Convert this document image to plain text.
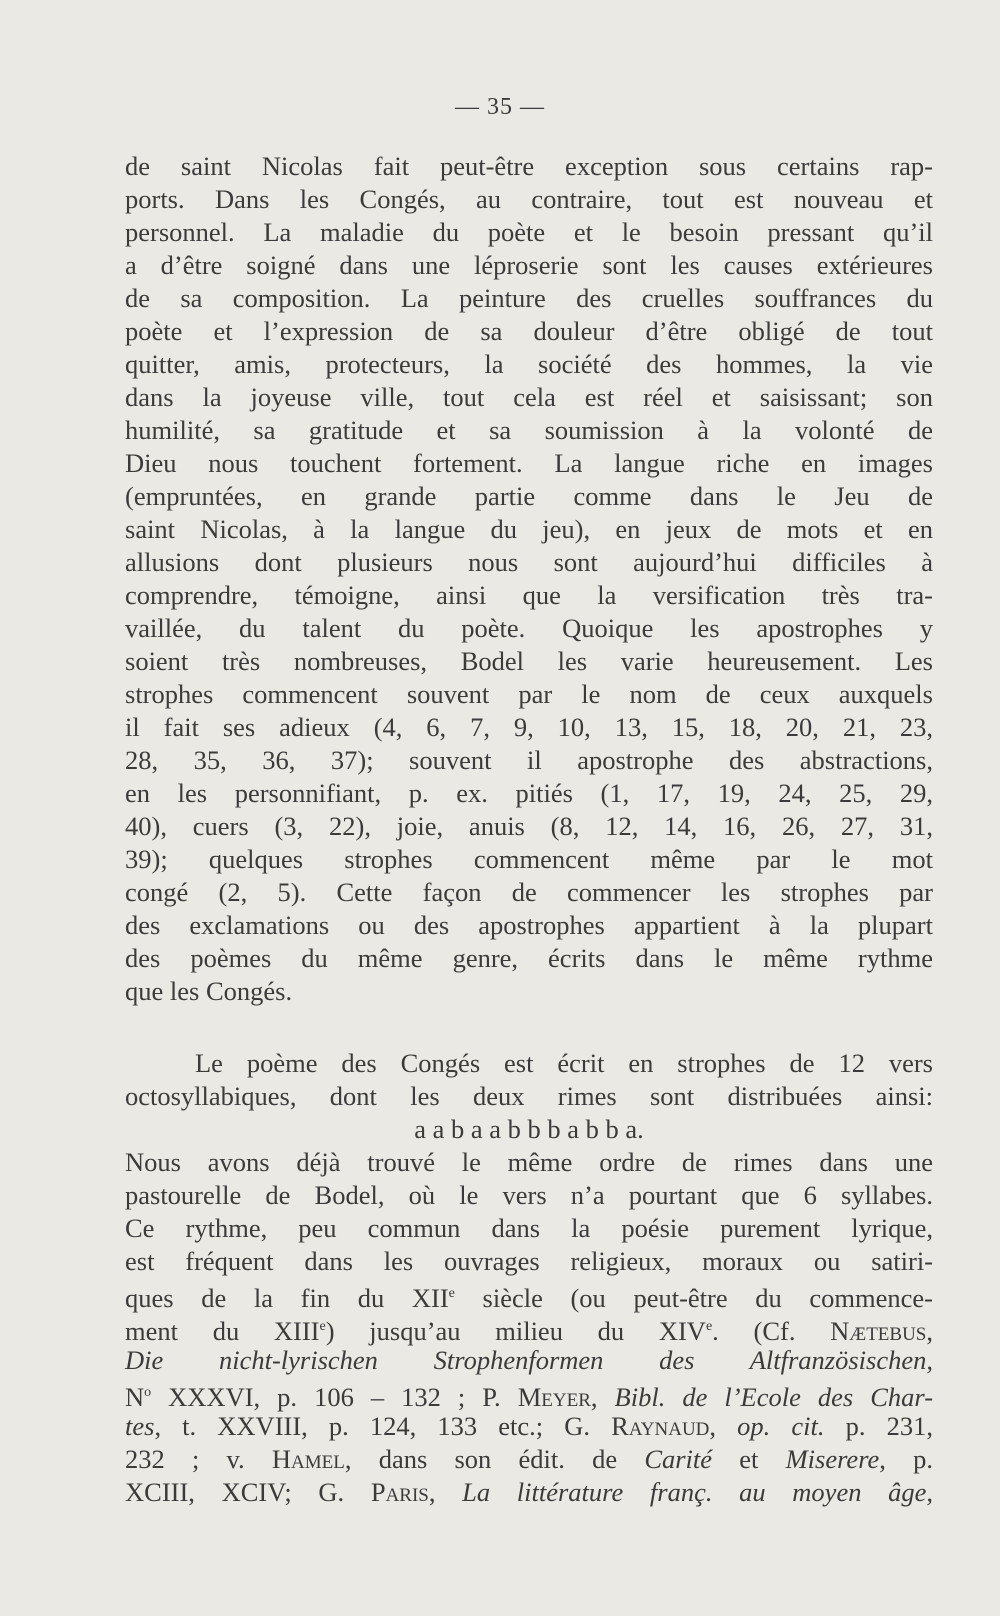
— 35 —
de saint Nicolas fait peut-être exception sous certains rap-
ports. Dans les Congés, au contraire, tout est nouveau et
personnel. La maladie du poète et le besoin pressant qu’il
a d’être soigné dans une léproserie sont les causes extérieures
de sa composition. La peinture des cruelles souffrances du
poète et l’expression de sa douleur d’être obligé de tout
quitter, amis, protecteurs, la société des hommes, la vie
dans la joyeuse ville, tout cela est réel et saisissant; son
humilité, sa gratitude et sa soumission à la volonté de
Dieu nous touchent fortement. La langue riche en images
(empruntées, en grande partie comme dans le Jeu de
saint Nicolas, à la langue du jeu), en jeux de mots et en
allusions dont plusieurs nous sont aujourd’hui difficiles à
comprendre, témoigne, ainsi que la versification très tra-
vaillée, du talent du poète. Quoique les apostrophes y
soient très nombreuses, Bodel les varie heureusement. Les
strophes commencent souvent par le nom de ceux auxquels
il fait ses adieux (4, 6, 7, 9, 10, 13, 15, 18, 20, 21, 23,
28, 35, 36, 37); souvent il apostrophe des abstractions,
en les personnifiant, p. ex. pitiés (1, 17, 19, 24, 25, 29,
40), cuers (3, 22), joie, anuis (8, 12, 14, 16, 26, 27, 31,
39); quelques strophes commencent même par le mot
congé (2, 5). Cette façon de commencer les strophes par
des exclamations ou des apostrophes appartient à la plupart
des poèmes du même genre, écrits dans le même rythme
que les Congés.
Le poème des Congés est écrit en strophes de 12 vers
octosyllabiques, dont les deux rimes sont distribuées ainsi:
a a b a a b b b a b b a.
Nous avons déjà trouvé le même ordre de rimes dans une
pastourelle de Bodel, où le vers n’a pourtant que 6 syllabes.
Ce rythme, peu commun dans la poésie purement lyrique,
est fréquent dans les ouvrages religieux, moraux ou satiri-
ques de la fin du XIIe siècle (ou peut-être du commence-
ment du XIIIe) jusqu’au milieu du XIVe. (Cf. Nætebus,
Die nicht-lyrischen Strophenformen des Altfranzösischen,
$N^o$ XXXVI, p. 106 – 132 ; P. Meyer, Bibl. de l’Ecole des Char-
tes, t. XXVIII, p. 124, 133 etc.; G. Raynaud, op. cit. p. 231,
232 ; v. Hamel, dans son édit. de Carité et Miserere, p.
XCIII, XCIV; G. Paris, La littérature franç. au moyen âge,
